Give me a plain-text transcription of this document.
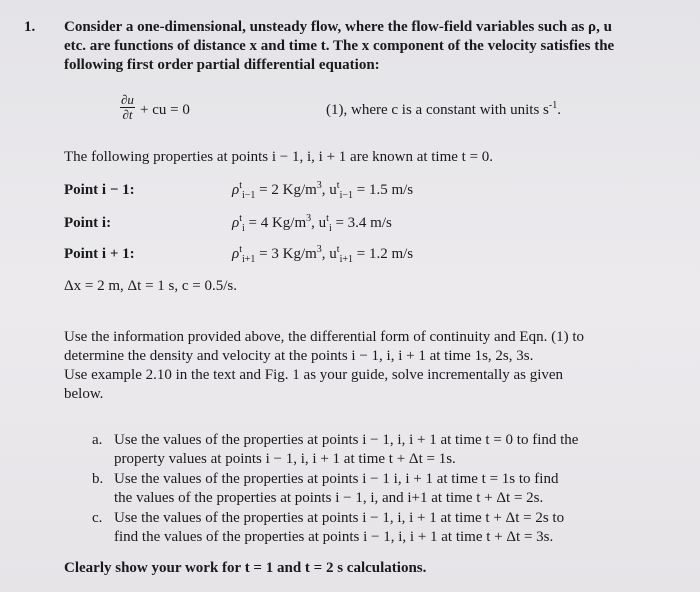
1. Consider a one-dimensional, unsteady flow, where the flow-field variables such as ρ, u
etc. are functions of distance x and time t. The x component of the velocity satisfies the
following first order partial differential equation:
$\frac{\partial u}{\partial t}$ + cu = 0	(1), where c is a constant with units $s^{-1}$.
The following properties at points i − 1, i, i + 1 are known at time t = 0.
Point i − 1:	$\rho^t_{i-1} = 2$ $Kg/m^3$, $u^t_{i-1} = 1.5$ m/s
Point i:	$\rho^t_i = 4$ $Kg/m^3$, $u^t_i = 3.4$ m/s
Point i + 1:	$\rho^t_{i+1} = 3$ $Kg/m^3$, $u^t_{i+1} = 1.2$ m/s
Δx = 2 m, Δt = 1 s, c = 0.5/s.
Use the information provided above, the differential form of continuity and Eqn. (1) to
determine the density and velocity at the points i − 1, i, i + 1 at time 1s, 2s, 3s.
Use example 2.10 in the text and Fig. 1 as your guide, solve incrementally as given
below.
a. Use the values of the properties at points i − 1, i, i + 1 at time t = 0 to find the
property values at points i − 1, i, i + 1 at time t + Δt = 1s.
b. Use the values of the properties at points i − 1 i, i + 1 at time t = 1s to find
the values of the properties at points i − 1, i, and i+1 at time t + Δt = 2s.
c. Use the values of the properties at points i − 1, i, i + 1 at time t + Δt = 2s to
find the values of the properties at points i − 1, i, i + 1 at time t + Δt = 3s.
Clearly show your work for t = 1 and t = 2 s calculations.
